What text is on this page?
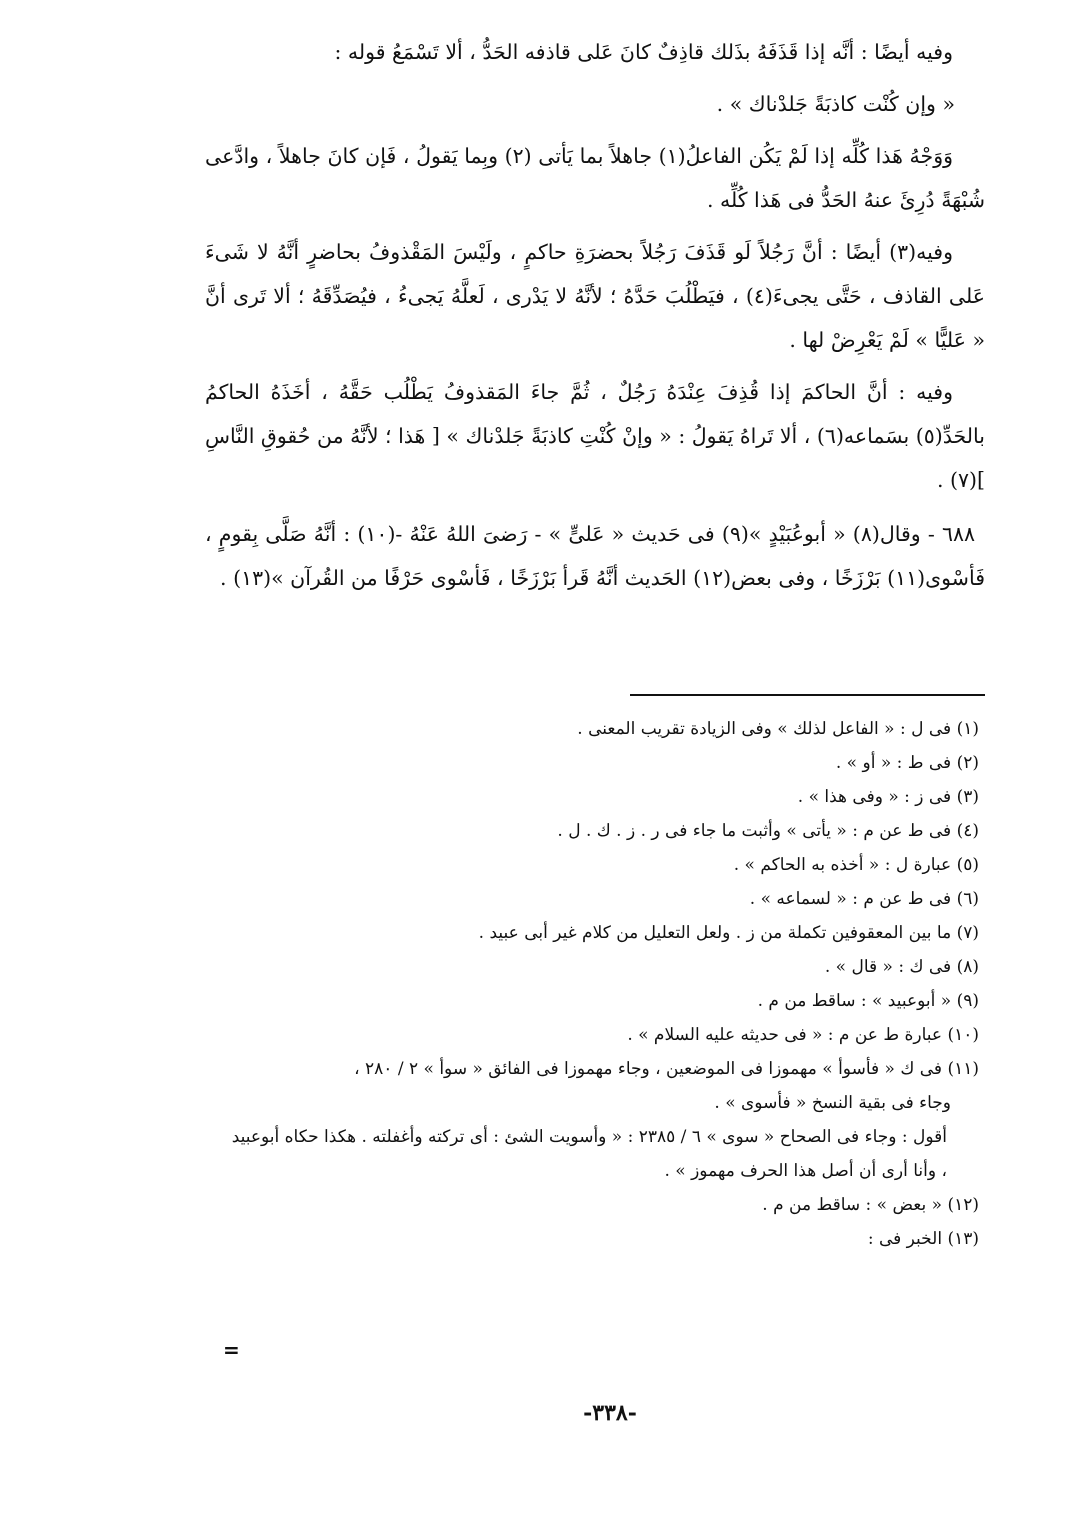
وفيه أيضًا : أنَّه إذا قَذَفَهُ بذَلك قاذِفٌ كانَ عَلى قاذفه الحَدُّ ، ألا تَسْمَعُ قوله :

« وإن كُنْت كاذبَةً جَلدْناك » .

وَوَجْهُ هَذا كُلِّه إذا لَمْ يَكُن الفاعلُ(١) جاهلاً بما يَأتى (٢) وبِما يَقولُ ، فَإن كانَ جاهلاً ، وادَّعى شُبْهَةً دُرِئَ عنهُ الحَدُّ فى هَذا كُلِّه .

وفيه(٣) أيضًا : أنَّ رَجُلاً لَو قَذَفَ رَجُلاً بحضرَةِ حاكمٍ ، ولَيْسَ المَقْذوفُ بحاضرٍ أنَّهُ لا شَىءَ عَلى القاذف ، حَتَّى يجىءَ(٤) ، فيَطْلُبَ حَدَّهُ ؛ لأنَّهُ لا يَدْرى ، لَعلَّهُ يَجىءُ ، فيُصَدِّقَهُ ؛ ألا تَرى أنَّ « عَليًّا » لَمْ يَعْرِضْ لها .

وفيه : أنَّ الحاكمَ إذا قُذِفَ عِنْدَهُ رَجُلٌ ، ثُمَّ جاءَ المَقذوفُ يَطْلُب حَقَّهُ ، أخَذَهُ الحاكمُ بالحَدِّ(٥) بسَماعه(٦) ، ألا تَراهُ يَقولُ : « وإنْ كُنْتِ كاذبَةً جَلدْناك » [ هَذا ؛ لأنَّهُ من حُقوقِ النَّاسِ ](٧) .

٦٨٨ - وقال(٨) « أبوعُبَيْدٍ »(٩) فى حَديث « عَلىٍّ » - رَضىَ اللهُ عَنْهُ -(١٠) : أنَّهُ صَلَّى بِقومٍ ، فَأسْوى(١١) بَرْزَخًا ، وفى بعض(١٢) الحَديث أنَّهُ قَرأ بَرْزَخًا ، فَأسْوى حَرْفًا من القُرآن »(١٣) .

(١) فى ل : « الفاعل لذلك » وفى الزيادة تقريب المعنى .

(٢) فى ط : « أو » .

(٣) فى ز : « وفى هذا » .

(٤) فى ط عن م : « يأتى » وأثبت ما جاء فى ر . ز . ك . ل .

(٥) عبارة ل : « أخذه به الحاكم » .

(٦) فى ط عن م : « لسماعه » .

(٧) ما بين المعقوفين تكملة من ز . ولعل التعليل من كلام غير أبى عبيد .

(٨) فى ك : « قال » .

(٩) « أبوعبيد » : ساقط من م .

(١٠) عبارة ط عن م : « فى حديثه عليه السلام » .

(١١) فى ك « فأسوأ » مهموزا فى الموضعين ، وجاء مهموزا فى الفائق « سوأ » ٢ / ٢٨٠ ،

وجاء فى بقية النسخ « فأسوى » .

أقول : وجاء فى الصحاح « سوى » ٦ / ٢٣٨٥ : « وأسويت الشئ : أى تركته وأغفلته . هكذا حكاه أبوعبيد ، وأنا أرى أن أصل هذا الحرف مهموز » .

(١٢) « بعض » : ساقط من م .

(١٣) الخبر فى :

=
-٣٣٨-
